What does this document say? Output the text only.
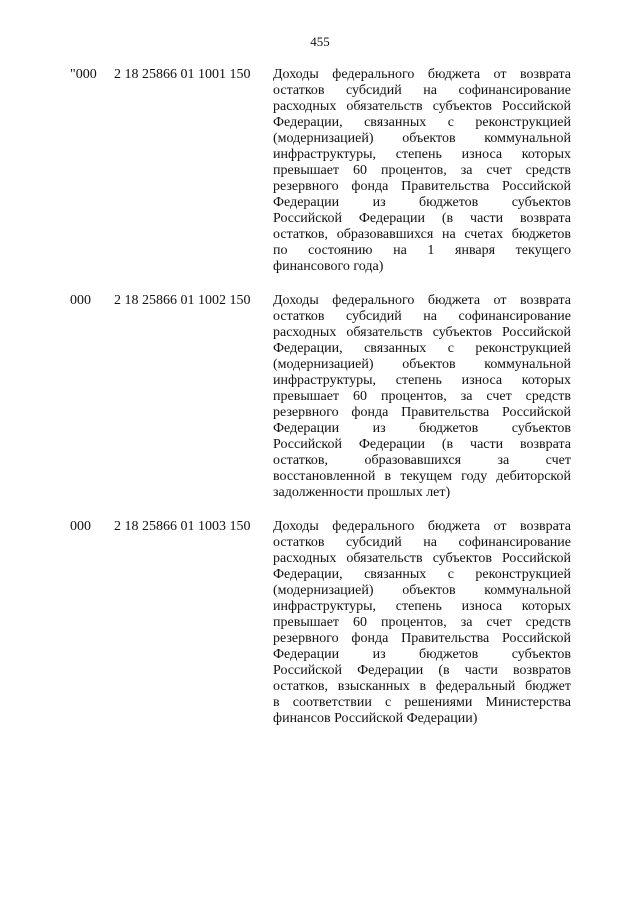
455
"000	2 18 25866 01 1001 150	Доходы федерального бюджета от возврата
остатков субсидий на софинансирование
расходных обязательств субъектов Российской
Федерации, связанных с реконструкцией
(модернизацией) объектов коммунальной
инфраструктуры, степень износа которых
превышает 60 процентов, за счет средств
резервного фонда Правительства Российской
Федерации из бюджетов субъектов
Российской Федерации (в части возврата
остатков, образовавшихся на счетах бюджетов
по состоянию на 1 января текущего
финансового года)
000	2 18 25866 01 1002 150	Доходы федерального бюджета от возврата
остатков субсидий на софинансирование
расходных обязательств субъектов Российской
Федерации, связанных с реконструкцией
(модернизацией) объектов коммунальной
инфраструктуры, степень износа которых
превышает 60 процентов, за счет средств
резервного фонда Правительства Российской
Федерации из бюджетов субъектов
Российской Федерации (в части возврата
остатков, образовавшихся за счет
восстановленной в текущем году дебиторской
задолженности прошлых лет)
000	2 18 25866 01 1003 150	Доходы федерального бюджета от возврата
остатков субсидий на софинансирование
расходных обязательств субъектов Российской
Федерации, связанных с реконструкцией
(модернизацией) объектов коммунальной
инфраструктуры, степень износа которых
превышает 60 процентов, за счет средств
резервного фонда Правительства Российской
Федерации из бюджетов субъектов
Российской Федерации (в части возвратов
остатков, взысканных в федеральный бюджет
в соответствии с решениями Министерства
финансов Российской Федерации)
